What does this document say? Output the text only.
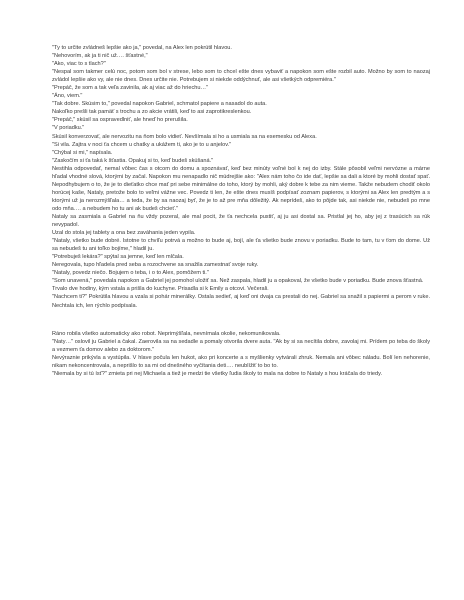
"Ty to určite zvládneš lepšie ako ja," povedal, na Alex len pokrútil hlavou.

"Nehovorím, ak ja ti nič už…. šťastné,"

"Ako, viac to s tlach?"

"Nespal som takmer celú noc, potom som bol v strese, lebo som to chcel ešte dnes vybaviť a napokon som ešte rozbil auto. Možno by som to naozaj zvládol lepšie ako vy, ale nie dnes. Dnes určite nie. Potrebujem si niekde oddýchnuť, ale asi všetkých odpremiéra."

"Prepáč, že som a tak veľa zavinila, ak aj viac až do hriechu…"

"Áno, viem."

"Tak dobre. Skúsim to," povedal napokon Gabriel, schmatol papiere a nasadol do auta.

Nakoľko prešli tak pamäť s trochu a zo akcie vrátili, keď to asi zaprotikreslenkou.

"Prepáč," skúsil sa ospravedlniť, ale hneď ho prerušila.

"V poriadku."

Skúsil konverzovať, ale nervozitu na ňom bolo vidieť. Nevšímala si ho a usmiala sa na esemesku od Alexa.

"Si vila. Zajtra v noci ťa chcem u chatky a ukážem ti, ako je to u anjelov."

"Chýbal si mi," napísala.

"Zaskočím si ťa taká k šťastia. Opakuj si to, keď budeš skúšaná."

Nestihla odpovedať, nemal vôbec čas s otcom do domu a spoznávať, keď bez minúty voľné bol k nej do izby. Stále pôsobil veľmi nervózne a márne hľadal vhodné slová, ktorými by začal. Napokon mu nenapadlo nič múdrejšie ako: "Alex nám toho čo ide dať, lepšie sa dali a ktoré by mohli dostať spať. Nepodhybujem o to, že je to dieťatko chce mať pri sebe minimálne do toho, ktorý by mohli, aký dobre k tebe za nim vieme. Takže nebudem chodiť okolo horúcej kaše, Nataly, pretože bolo to veľmi vážne vec. Povedz ti len, že ešte dnes musíš podpísať zoznam papierov, s ktorými sa Alex len predtým a s ktorými už ja nerozmýšľala… a teda, že by sa naozaj byť, že je to až pre mňa dôležitý. Ak neprídeš, ako to pôjde tak, asi niekde nie, nebudeš po mne odo mňa…. a nebudem ho tu ani ak budeš chcieť."

Nataly sa zasmiala a Gabriel na ňu vždy pozeral, ale mal pocit, že ťa nechcela pustiť, aj ju asi dostal sa. Pristlal jej ho, aby jej z trasúcich sa rúk nevypadol.

Uzal do stola jej tablety a ona bez zaváhania jeden vypila.

"Nataly, všetko bude dobré. Istotne to chvíľu potrvá a možno to bude aj, bojí, ale ťa všetko bude znovu v poriadku. Bude to tam, tu v ťom do dome. Už sa nebudeš tu ani toľko bojíme," hladil ju.

"Potrebuješ lekára?" spýtal sa jemne, keď len mlčala.

Neregovala, tupo hľadela pred seba a rozochvene sa snažila zamestnať svoje ruky.

"Nataly, povedz niečo. Bojujem o teba, i o to Alex, pomôžem ti."

"Som unavená," povedala napokon a Gabriel jej pomohol uložiť sa. Než zaspala, hladil ju a opakoval, že všetko bude v poriadku. Bude znova šťastná.

Trvalo dve hodiny, kým vstala a prišla do kuchyne. Prisadla si k Emily a otcovi. Večerali.

"Nachcem ti?" Pokrútila hlavou a vzala si pohár minerálky. Ostala sedieť, aj keď oni dvaja ca prestali do nej. Gabriel sa snažil s papiermi a perom v ruke. Nechtala ich, len rýchlo podpísala.

Ráno robila všetko automaticky ako robot. Neprimýšľala, nevnímala okolie, nekomunikovala.

"Naty…" oslovil ju Gabriel a čakal. Zaerovila sa na sedadle a pomaly otvorila dvere auta. "Ak by si sa necítila dobre, zavolaj mi. Prídem po teba do školy a vezmem ťa domov alebo za doktorom."

Nevýraznie prikývla a vystúpila. V hlave počula len hukot, ako pri koncerte a s myšlienky vytvárali zhruk. Nemala ani vôbec náladu. Bolí len nehorenie, nikam nekoncentrovala, a neprišlo to sa mi od dnešného vyčítania deti…. neublížiť to bo to.

"Niemala by si tú ísť?" zmieta pri nej Michaela a tiež je medzi tie všetky ľudia školy to mala na dobre to Nataly s hou kráčala do triedy.
